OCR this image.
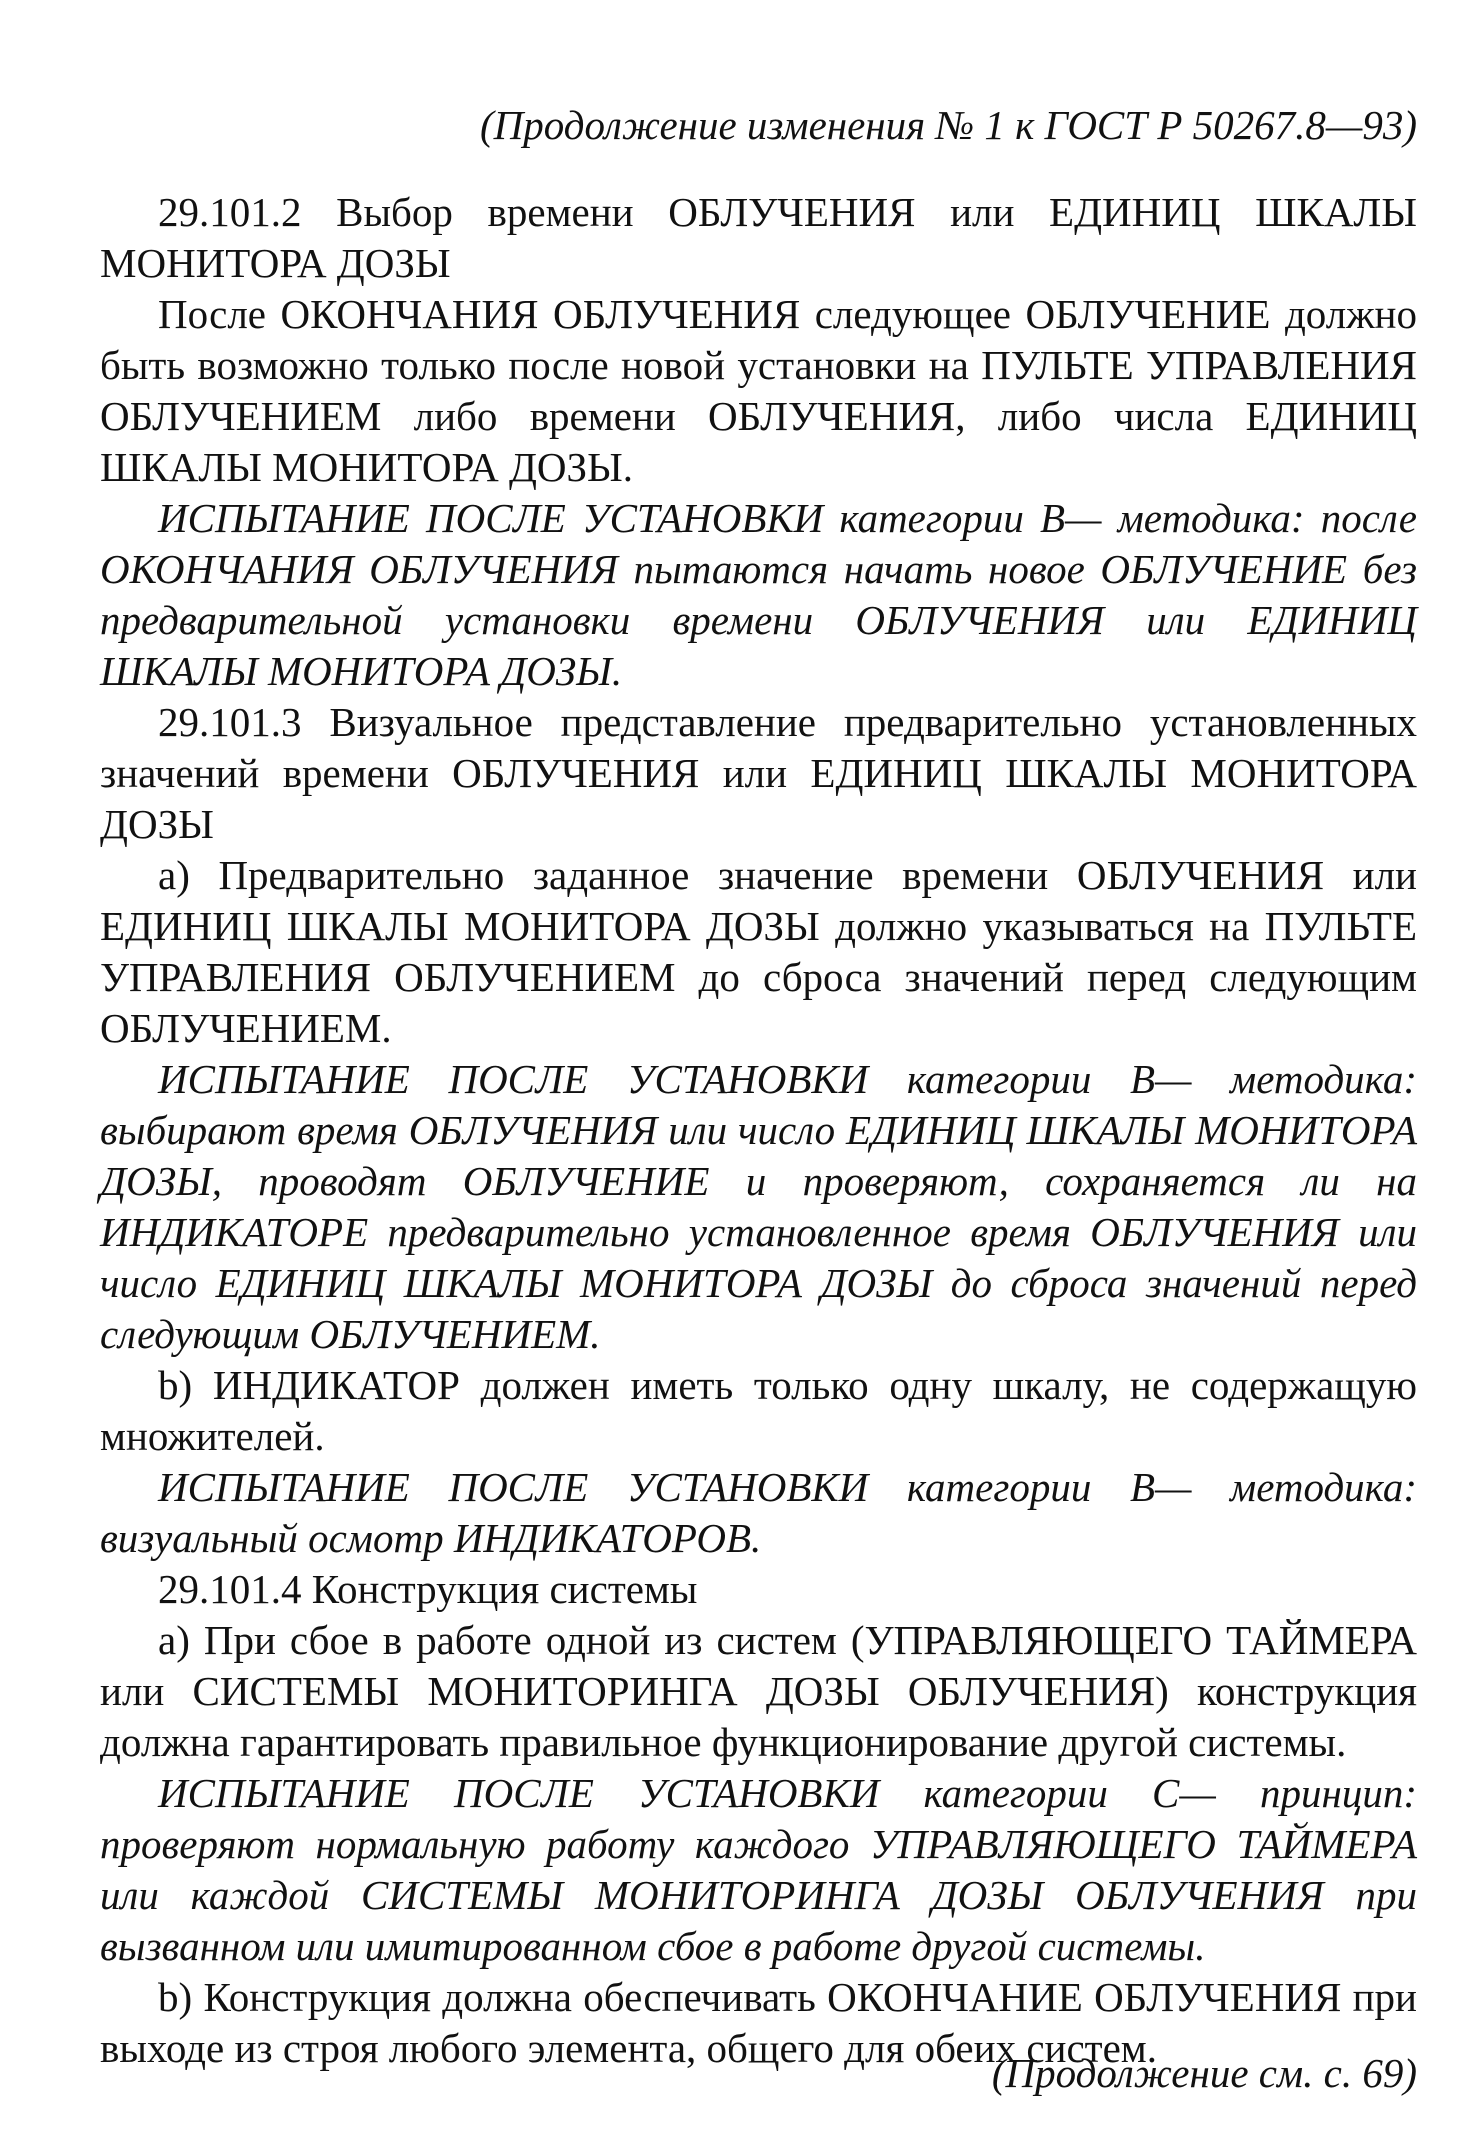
(Продолжение изменения № 1 к ГОСТ Р 50267.8—93)

29.101.2 Выбор времени ОБЛУЧЕНИЯ или ЕДИНИЦ ШКАЛЫ МОНИТОРА ДОЗЫ

После ОКОНЧАНИЯ ОБЛУЧЕНИЯ следующее ОБЛУЧЕНИЕ должно быть возможно только после новой установки на ПУЛЬТЕ УПРАВЛЕНИЯ ОБЛУЧЕНИЕМ либо времени ОБЛУЧЕНИЯ, либо числа ЕДИНИЦ ШКАЛЫ МОНИТОРА ДОЗЫ.

ИСПЫТАНИЕ ПОСЛЕ УСТАНОВКИ категории В— методика: после ОКОНЧАНИЯ ОБЛУЧЕНИЯ пытаются начать новое ОБЛУЧЕНИЕ без предварительной установки времени ОБЛУЧЕНИЯ или ЕДИНИЦ ШКАЛЫ МОНИТОРА ДОЗЫ.

29.101.3 Визуальное представление предварительно установленных значений времени ОБЛУЧЕНИЯ или ЕДИНИЦ ШКАЛЫ МОНИТОРА ДОЗЫ

а) Предварительно заданное значение времени ОБЛУЧЕНИЯ или ЕДИНИЦ ШКАЛЫ МОНИТОРА ДОЗЫ должно указываться на ПУЛЬТЕ УПРАВЛЕНИЯ ОБЛУЧЕНИЕМ до сброса значений перед следующим ОБЛУЧЕНИЕМ.

ИСПЫТАНИЕ ПОСЛЕ УСТАНОВКИ категории В— методика: выбирают время ОБЛУЧЕНИЯ или число ЕДИНИЦ ШКАЛЫ МОНИТОРА ДОЗЫ, проводят ОБЛУЧЕНИЕ и проверяют, сохраняется ли на ИНДИКАТОРЕ предварительно установленное время ОБЛУЧЕНИЯ или число ЕДИНИЦ ШКАЛЫ МОНИТОРА ДОЗЫ до сброса значений перед следующим ОБЛУЧЕНИЕМ.

b) ИНДИКАТОР должен иметь только одну шкалу, не содержащую множителей.

ИСПЫТАНИЕ ПОСЛЕ УСТАНОВКИ категории В— методика: визуальный осмотр ИНДИКАТОРОВ.

29.101.4 Конструкция системы

а) При сбое в работе одной из систем (УПРАВЛЯЮЩЕГО ТАЙМЕРА или СИСТЕМЫ МОНИТОРИНГА ДОЗЫ ОБЛУЧЕНИЯ) конструкция должна гарантировать правильное функционирование другой системы.

ИСПЫТАНИЕ ПОСЛЕ УСТАНОВКИ категории С— принцип: проверяют нормальную работу каждого УПРАВЛЯЮЩЕГО ТАЙМЕРА или каждой СИСТЕМЫ МОНИТОРИНГА ДОЗЫ ОБЛУЧЕНИЯ при вызванном или имитированном сбое в работе другой системы.

b) Конструкция должна обеспечивать ОКОНЧАНИЕ ОБЛУЧЕНИЯ при выходе из строя любого элемента, общего для обеих систем.

(Продолжение см. с. 69)
